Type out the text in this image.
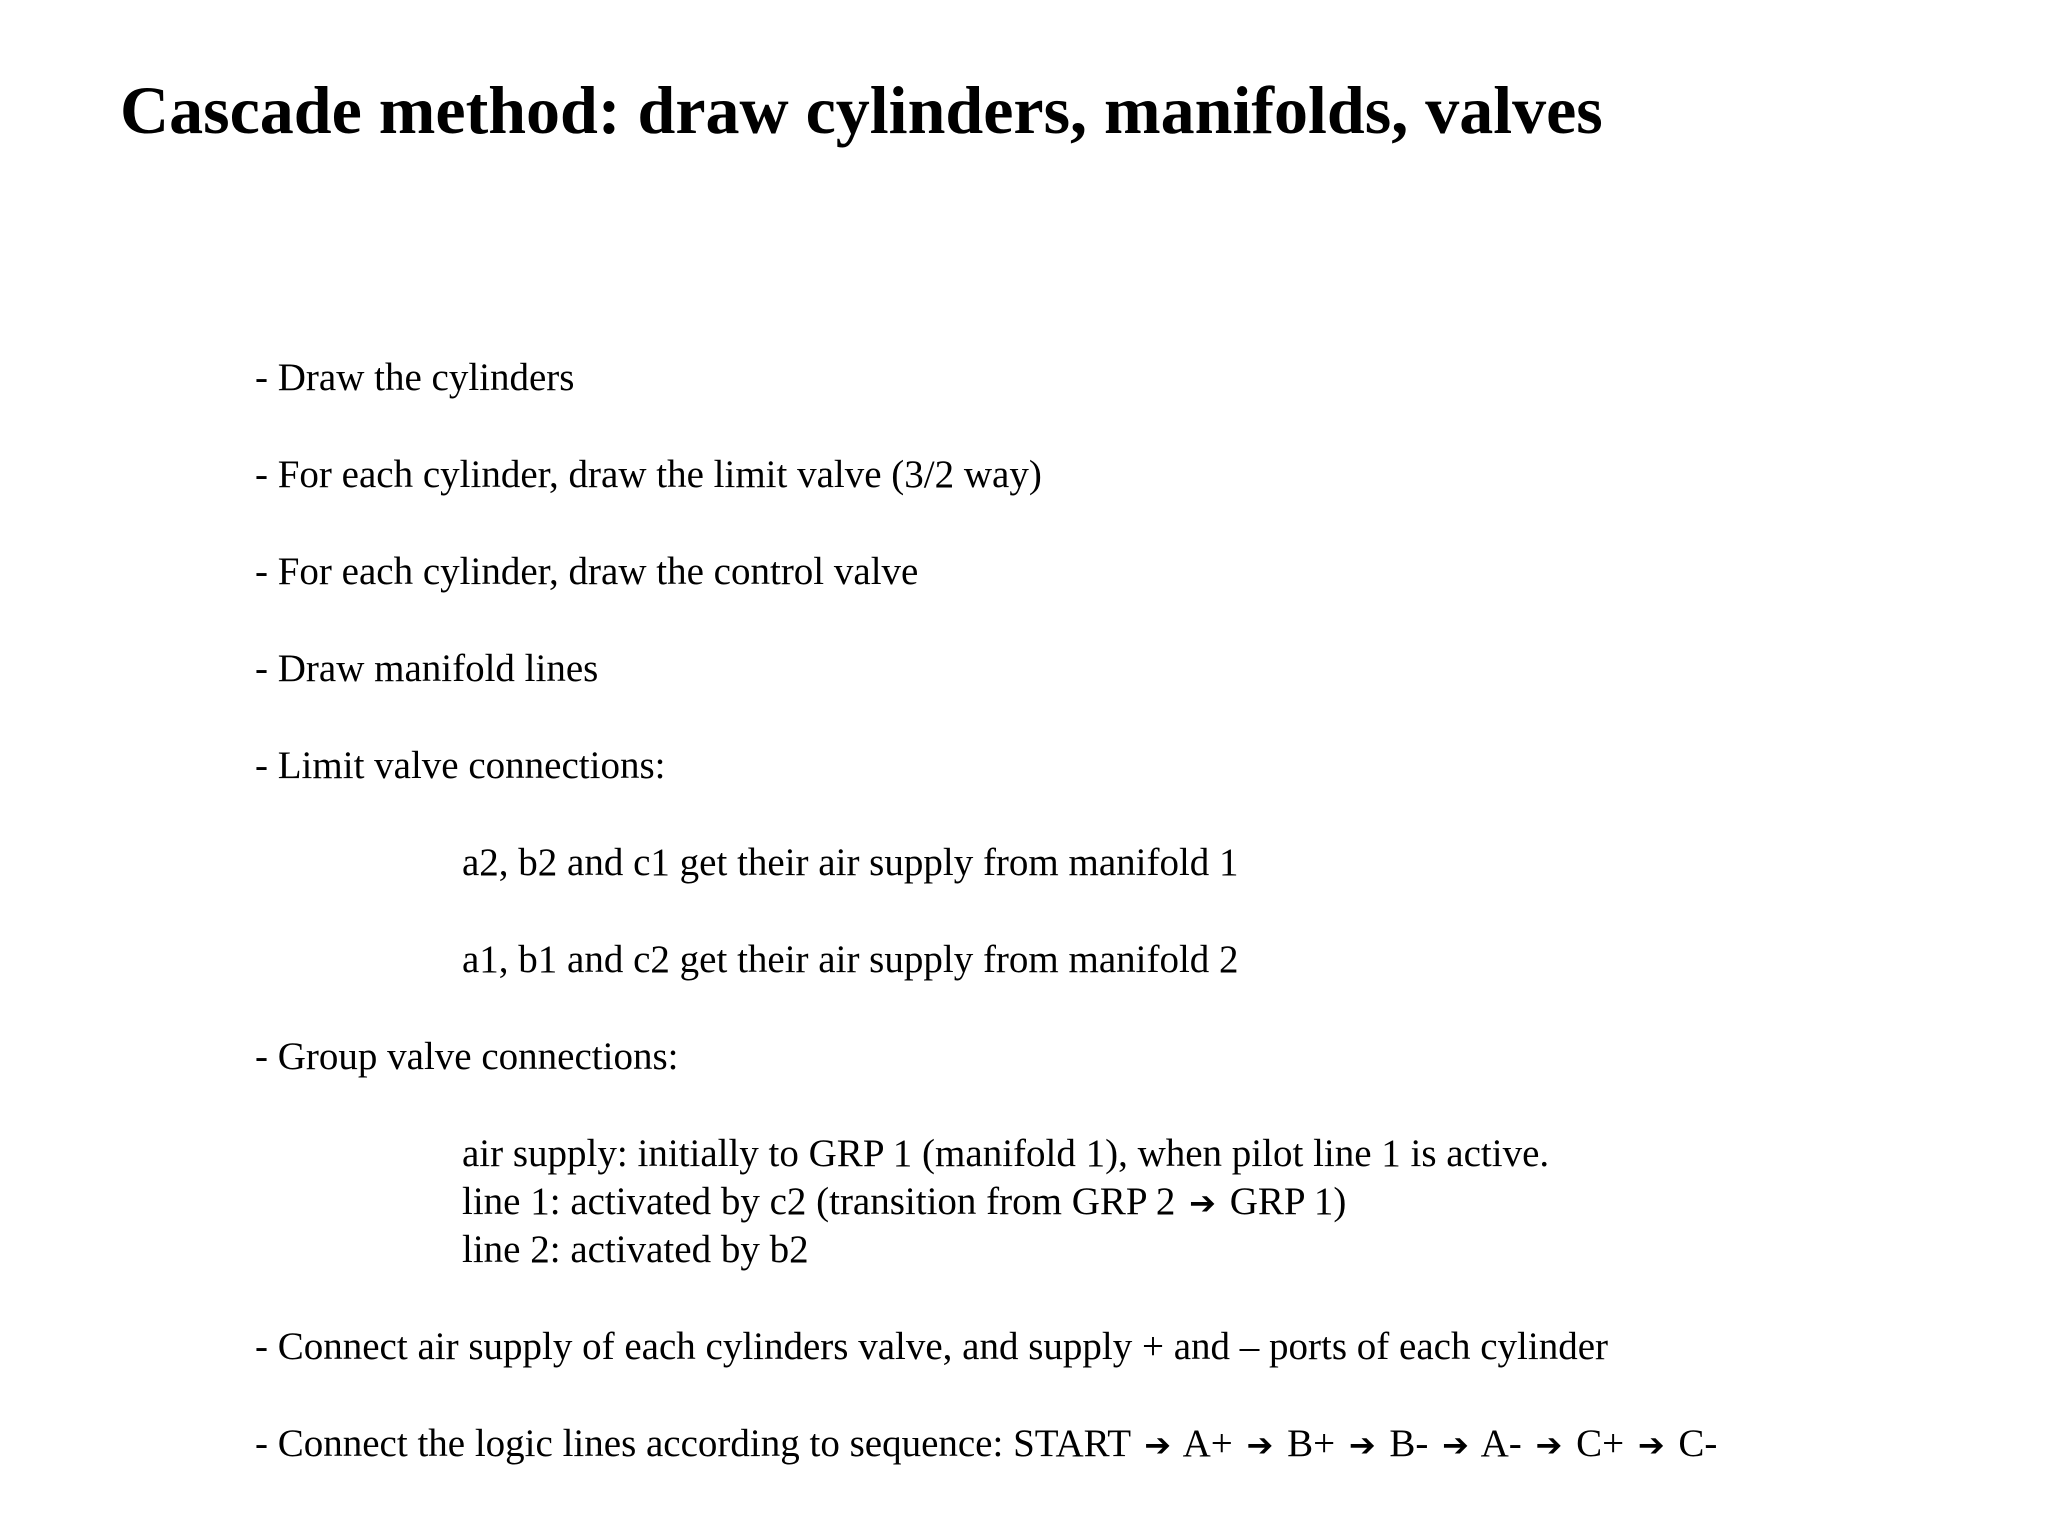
Cascade method: draw cylinders, manifolds, valves
- Draw the cylinders
- For each cylinder, draw the limit valve (3/2 way)
- For each cylinder, draw the control valve
- Draw manifold lines
- Limit valve connections:
a2, b2 and c1 get their air supply from manifold 1
a1, b1 and c2 get their air supply from manifold 2
- Group valve connections:
air supply: initially to GRP 1 (manifold 1), when pilot line 1 is active.
line 1: activated by c2 (transition from GRP 2 ➔ GRP 1)
line 2: activated by b2
- Connect air supply of each cylinders valve, and supply + and – ports of each cylinder
- Connect the logic lines according to sequence: START ➔ A+ ➔ B+ ➔ B- ➔ A- ➔ C+ ➔ C-
